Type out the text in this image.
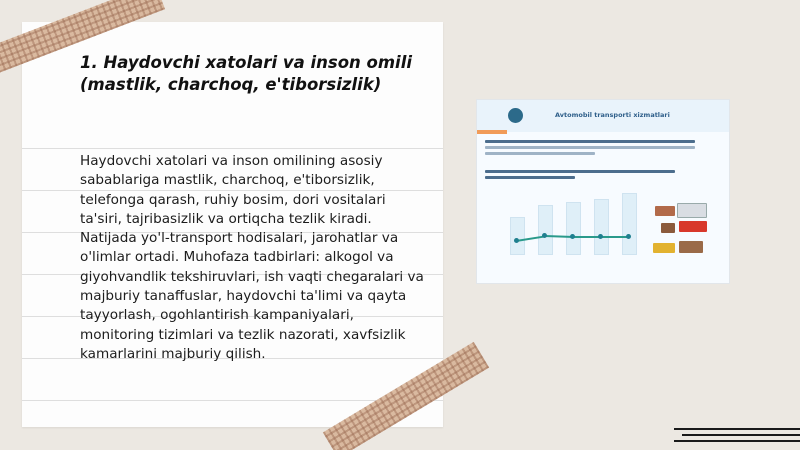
1. Haydovchi xatolari va inson omili (mastlik, charchoq, e'tiborsizlik)

Haydovchi xatolari va inson omilining asosiy sabablariga mastlik, charchoq, e'tiborsizlik, telefonga qarash, ruhiy bosim, dori vositalari ta'siri, tajribasizlik va ortiqcha tezlik kiradi. Natijada yo'l-transport hodisalari, jarohatlar va o'limlar ortadi. Muhofaza tadbirlari: alkogol va giyohvandlik tekshiruvlari, ish vaqti chegaralari va majburiy tanaffuslar, haydovchi ta'limi va qayta tayyorlash, ogohlantirish kampaniyalari, monitoring tizimlari va tezlik nazorati, xavfsizlik kamarlarini majburiy qilish.

Avtomobil transporti xizmatlari
